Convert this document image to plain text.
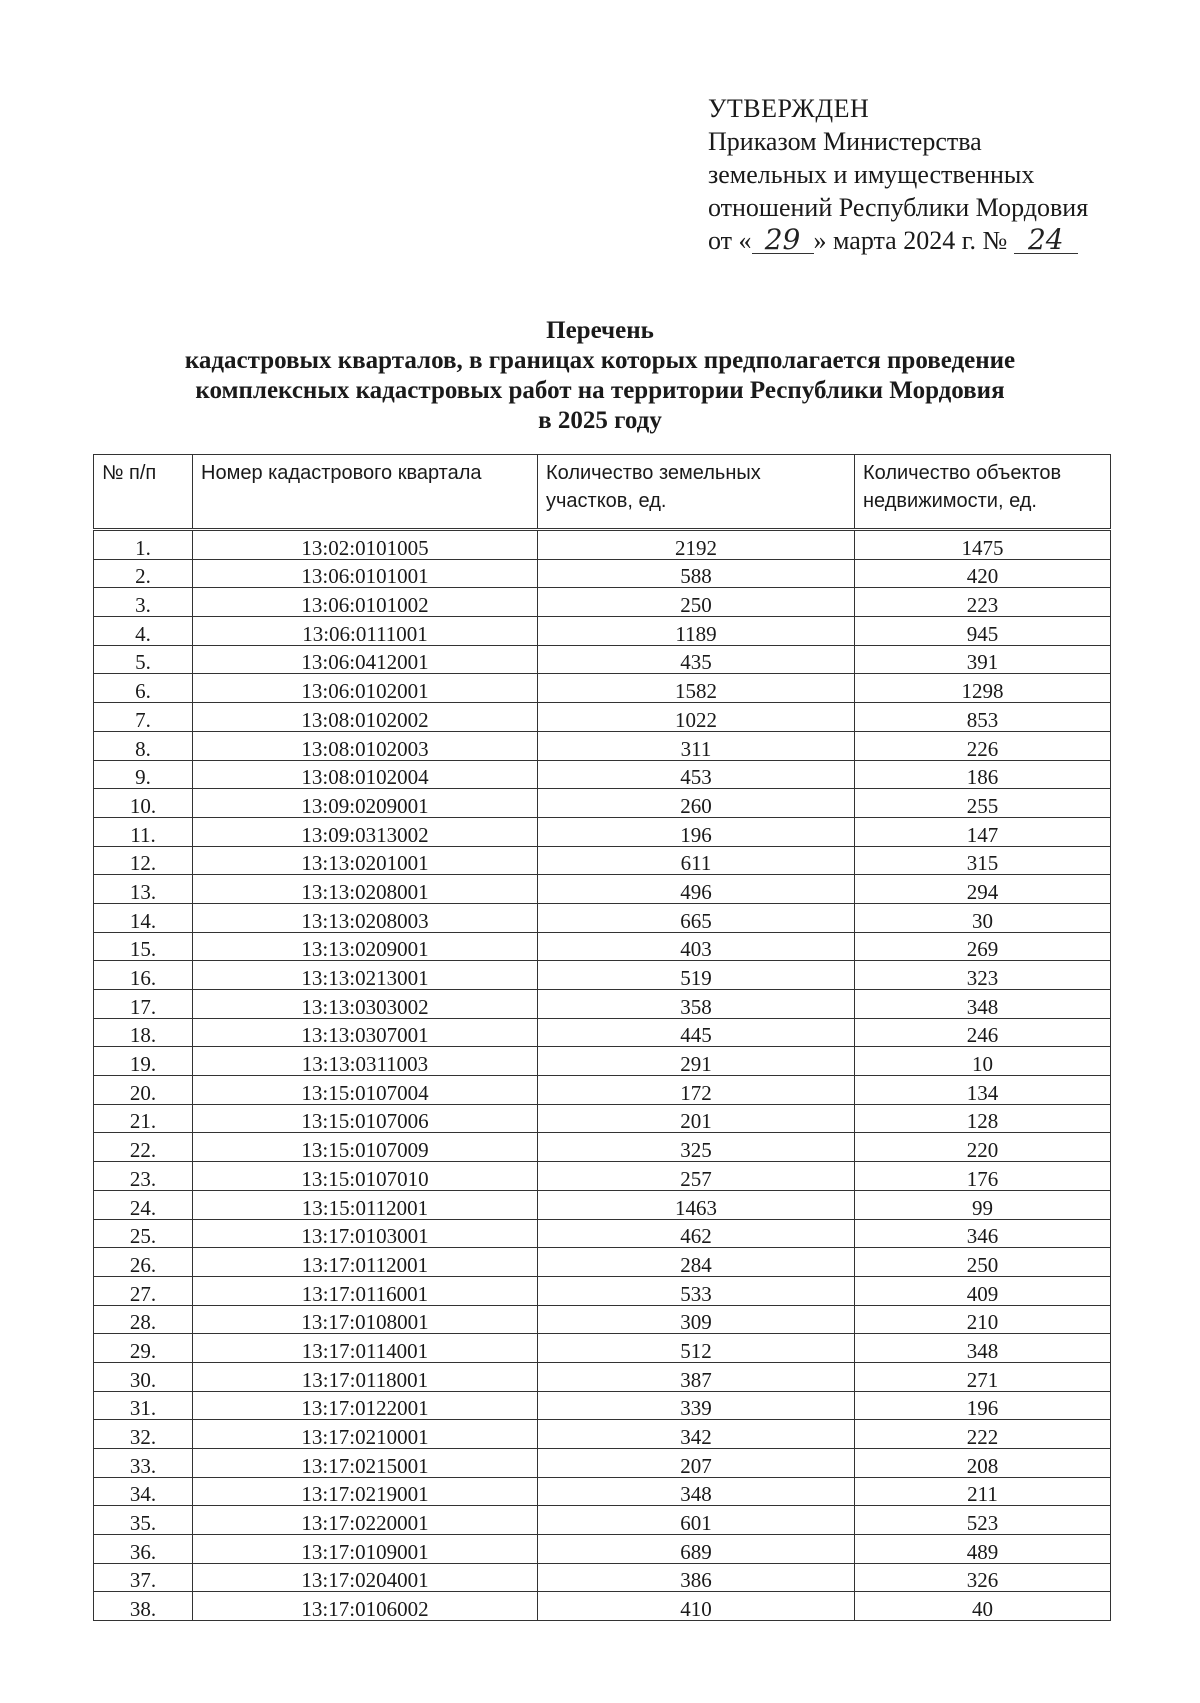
УТВЕРЖДЕН
Приказом Министерства
земельных и имущественных
отношений Республики Мордовия
от « 29 » марта 2024 г. № 24
Перечень
кадастровых кварталов, в границах которых предполагается проведение
комплексных кадастровых работ на территории Республики Мордовия
в 2025 году
№ п/п	Номер кадастрового квартала	Количество земельных участков, ед.	Количество объектов недвижимости, ед.
1.	13:02:0101005	2192	1475
2.	13:06:0101001	588	420
3.	13:06:0101002	250	223
4.	13:06:0111001	1189	945
5.	13:06:0412001	435	391
6.	13:06:0102001	1582	1298
7.	13:08:0102002	1022	853
8.	13:08:0102003	311	226
9.	13:08:0102004	453	186
10.	13:09:0209001	260	255
11.	13:09:0313002	196	147
12.	13:13:0201001	611	315
13.	13:13:0208001	496	294
14.	13:13:0208003	665	30
15.	13:13:0209001	403	269
16.	13:13:0213001	519	323
17.	13:13:0303002	358	348
18.	13:13:0307001	445	246
19.	13:13:0311003	291	10
20.	13:15:0107004	172	134
21.	13:15:0107006	201	128
22.	13:15:0107009	325	220
23.	13:15:0107010	257	176
24.	13:15:0112001	1463	99
25.	13:17:0103001	462	346
26.	13:17:0112001	284	250
27.	13:17:0116001	533	409
28.	13:17:0108001	309	210
29.	13:17:0114001	512	348
30.	13:17:0118001	387	271
31.	13:17:0122001	339	196
32.	13:17:0210001	342	222
33.	13:17:0215001	207	208
34.	13:17:0219001	348	211
35.	13:17:0220001	601	523
36.	13:17:0109001	689	489
37.	13:17:0204001	386	326
38.	13:17:0106002	410	40
